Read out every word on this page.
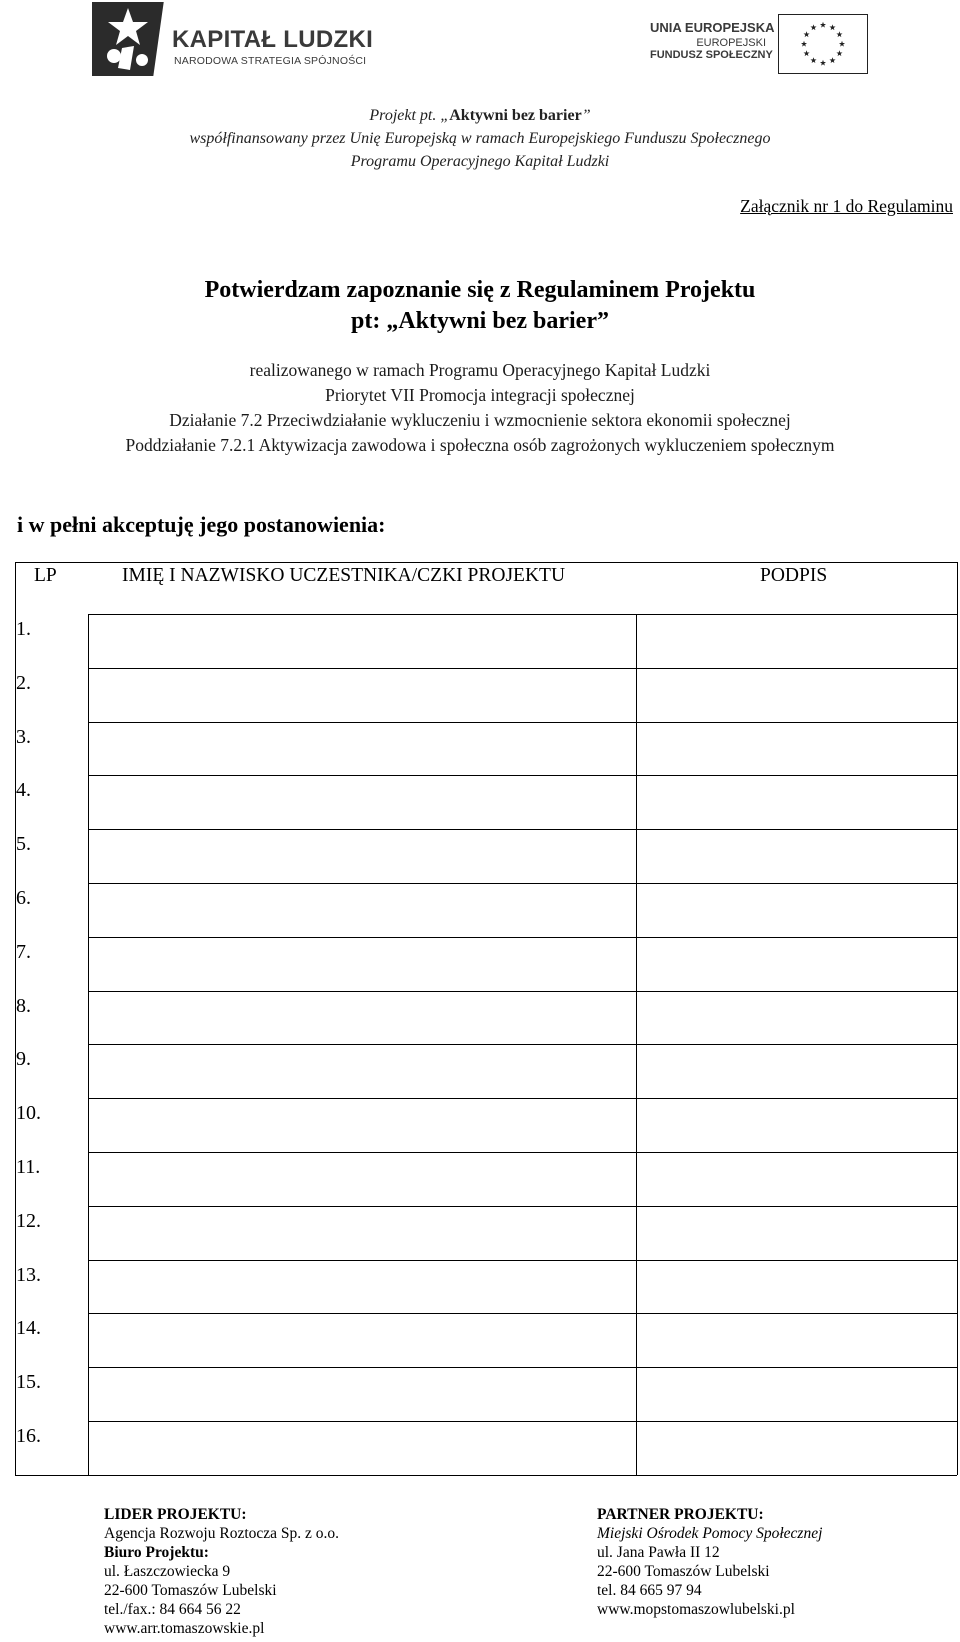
KAPITAŁ LUDZKI
NARODOWA STRATEGIA SPÓJNOŚCI
UNIA EUROPEJSKA
EUROPEJSKI
FUNDUSZ SPOŁECZNY
Projekt pt. „Aktywni bez barier”
współfinansowany przez Unię Europejską w ramach Europejskiego Funduszu Społecznego
Programu Operacyjnego Kapitał Ludzki
Załącznik nr 1 do Regulaminu
Potwierdzam zapoznanie się z Regulaminem Projektu
pt: „Aktywni bez barier”
realizowanego w ramach Programu Operacyjnego Kapitał Ludzki
Priorytet VII Promocja integracji społecznej
Działanie 7.2 Przeciwdziałanie wykluczeniu i wzmocnienie sektora ekonomii społecznej
Poddziałanie 7.2.1 Aktywizacja zawodowa i społeczna osób zagrożonych wykluczeniem społecznym
i w pełni akceptuję jego postanowienia:
LP	IMIĘ I NAZWISKO UCZESTNIKA/CZKI PROJEKTU	PODPIS
1.
2.
3.
4.
5.
6.
7.
8.
9.
10.
11.
12.
13.
14.
15.
16.
LIDER PROJEKTU:
Agencja Rozwoju Roztocza Sp. z o.o.
Biuro Projektu:
ul. Łaszczowiecka 9
22-600 Tomaszów Lubelski
tel./fax.: 84 664 56 22
www.arr.tomaszowskie.pl
PARTNER PROJEKTU:
Miejski Ośrodek Pomocy Społecznej
ul. Jana Pawła II 12
22-600 Tomaszów Lubelski
tel. 84 665 97 94
www.mopstomaszowlubelski.pl
